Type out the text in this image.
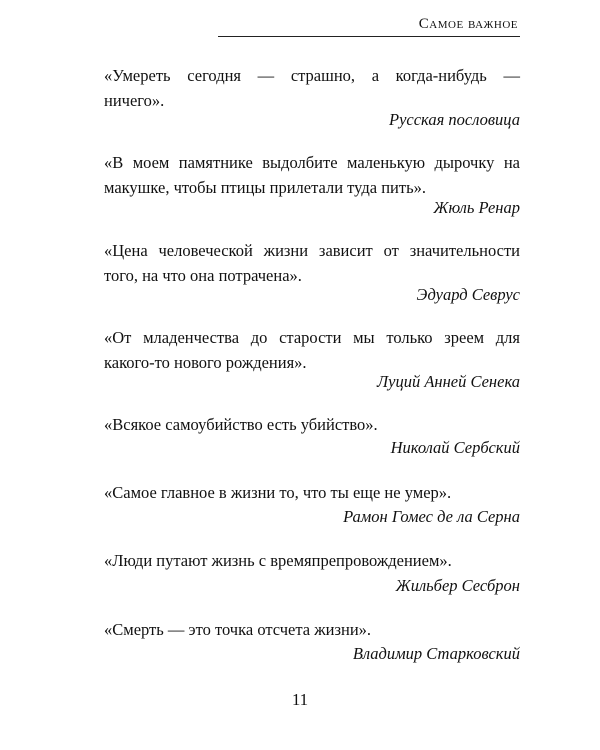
Самое важное
«Умереть сегодня — страшно, а когда-нибудь —
ничего».
Русская пословица
«В моем памятнике выдолбите маленькую дырочку на
макушке, чтобы птицы прилетали туда пить».
Жюль Ренар
«Цена человеческой жизни зависит от значительности
того, на что она потрачена».
Эдуард Севрус
«От младенчества до старости мы только зреем для
какого-то нового рождения».
Луций Анней Сенека
«Всякое самоубийство есть убийство».
Николай Сербский
«Самое главное в жизни то, что ты еще не умер».
Рамон Гомес де ла Серна
«Люди путают жизнь с времяпрепровождением».
Жильбер Сесброн
«Смерть — это точка отсчета жизни».
Владимир Старковский
11
